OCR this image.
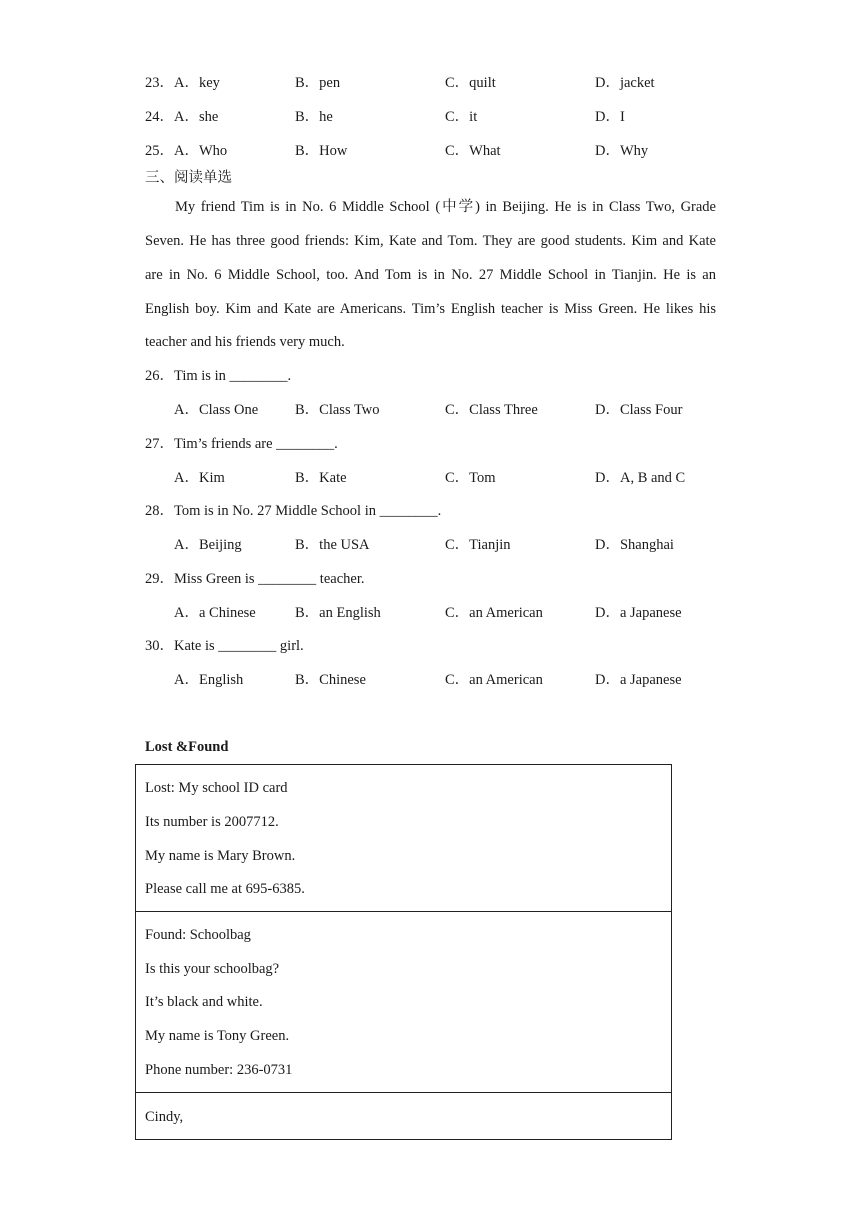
23． A．key	B．pen	C．quilt	D．jacket
24． A．she	B．he	C．it	D．I
25． A．Who	B．How	C．What	D．Why
三、阅读单选
My friend Tim is in No. 6 Middle School (中学) in Beijing. He is in Class Two, Grade
Seven. He has three good friends: Kim, Kate and Tom. They are good students. Kim and Kate
are in No. 6 Middle School, too. And Tom is in No. 27 Middle School in Tianjin. He is an
English boy. Kim and Kate are Americans. Tim’s English teacher is Miss Green. He likes his
teacher and his friends very much.
26．Tim is in ________.
A．Class One	B．Class Two	C．Class Three	D．Class Four
27．Tim’s friends are ________.
A．Kim	B．Kate	C．Tom	D．A, B and C
28．Tom is in No. 27 Middle School in ________.
A．Beijing	B．the USA	C．Tianjin	D．Shanghai
29．Miss Green is ________ teacher.
A．a Chinese	B．an English	C．an American	D．a Japanese
30．Kate is ________ girl.
A．English	B．Chinese	C．an American	D．a Japanese
Lost &Found
Lost: My school ID card
Its number is 2007712.
My name is Mary Brown.
Please call me at 695-6385.
Found: Schoolbag
Is this your schoolbag?
It’s black and white.
My name is Tony Green.
Phone number: 236-0731
Cindy,
